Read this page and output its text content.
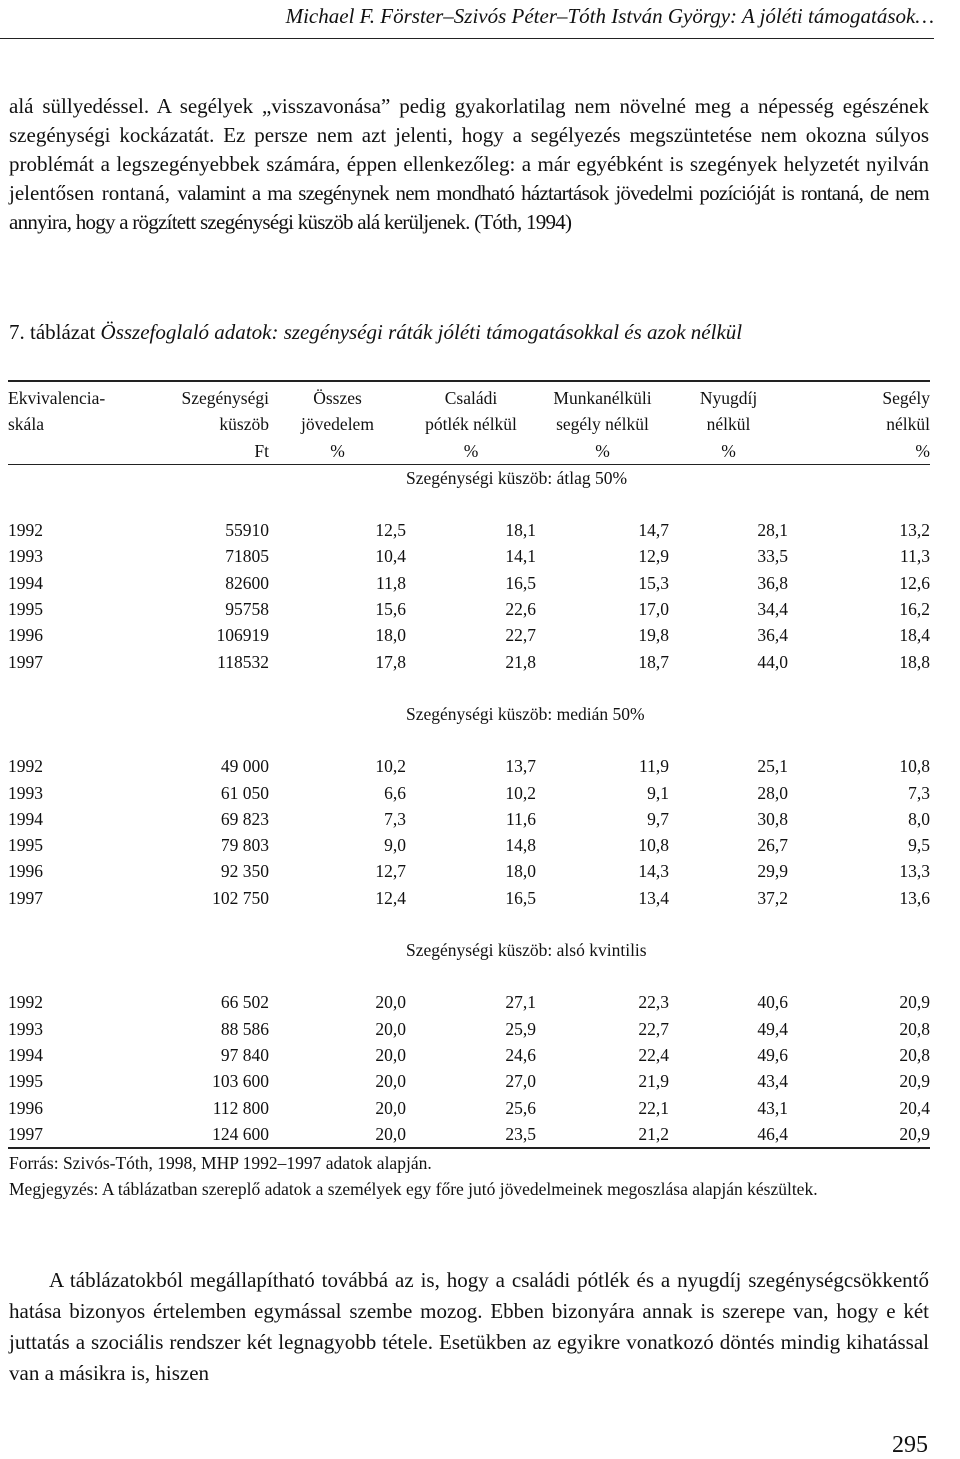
Michael F. Förster–Szivós Péter–Tóth István György: A jóléti támogatások…

alá süllyedéssel. A segélyek „visszavonása” pedig gyakorlatilag nem növelné meg a népesség egészének szegénységi kockázatát. Ez persze nem azt jelenti, hogy a segélyezés megszüntetése nem okozna súlyos problémát a legszegényebbek számára, éppen ellenkezőleg: a már egyébként is szegények helyzetét nyilván jelentősen rontaná, valamint a ma szegénynek nem mondható háztartások jövedelmi pozícióját is rontaná, de nem annyira, hogy a rögzített szegénységi küszöb alá kerüljenek. (Tóth, 1994)

7. táblázat Összefoglaló adatok: szegénységi ráták jóléti támogatásokkal és azok nélkül
Ekvivalencia-	Szegénységi	Összes	Családi	Munkanélküli	Nyugdíj	Segély
skála	küszöb	jövedelem	pótlék nélkül	segély nélkül	nélkül	nélkül
	Ft	%	%	%	%	%
			Szegénységi küszöb: átlag 50%			

1992	55910	12,5	18,1	14,7	28,1	13,2
1993	71805	10,4	14,1	12,9	33,5	11,3
1994	82600	11,8	16,5	15,3	36,8	12,6
1995	95758	15,6	22,6	17,0	34,4	16,2
1996	106919	18,0	22,7	19,8	36,4	18,4
1997	118532	17,8	21,8	18,7	44,0	18,8

			Szegénységi küszöb: medián 50%			

1992	49 000	10,2	13,7	11,9	25,1	10,8
1993	61 050	6,6	10,2	9,1	28,0	7,3
1994	69 823	7,3	11,6	9,7	30,8	8,0
1995	79 803	9,0	14,8	10,8	26,7	9,5
1996	92 350	12,7	18,0	14,3	29,9	13,3
1997	102 750	12,4	16,5	13,4	37,2	13,6

			Szegénységi küszöb: alsó kvintilis			

1992	66 502	20,0	27,1	22,3	40,6	20,9
1993	88 586	20,0	25,9	22,7	49,4	20,8
1994	97 840	20,0	24,6	22,4	49,6	20,8
1995	103 600	20,0	27,0	21,9	43,4	20,9
1996	112 800	20,0	25,6	22,1	43,1	20,4
1997	124 600	20,0	23,5	21,2	46,4	20,9

Forrás: Szivós-Tóth, 1998, MHP 1992–1997 adatok alapján.

Megjegyzés: A táblázatban szereplő adatok a személyek egy főre jutó jövedelmeinek megoszlása alapján készültek.

A táblázatokból megállapítható továbbá az is, hogy a családi pótlék és a nyugdíj szegénységcsökkentő hatása bizonyos értelemben egymással szembe mozog. Ebben bizonyára annak is szerepe van, hogy e két juttatás a szociális rendszer két legnagyobb tétele. Esetükben az egyikre vonatkozó döntés mindig kihatással van a másikra is, hiszen

295
